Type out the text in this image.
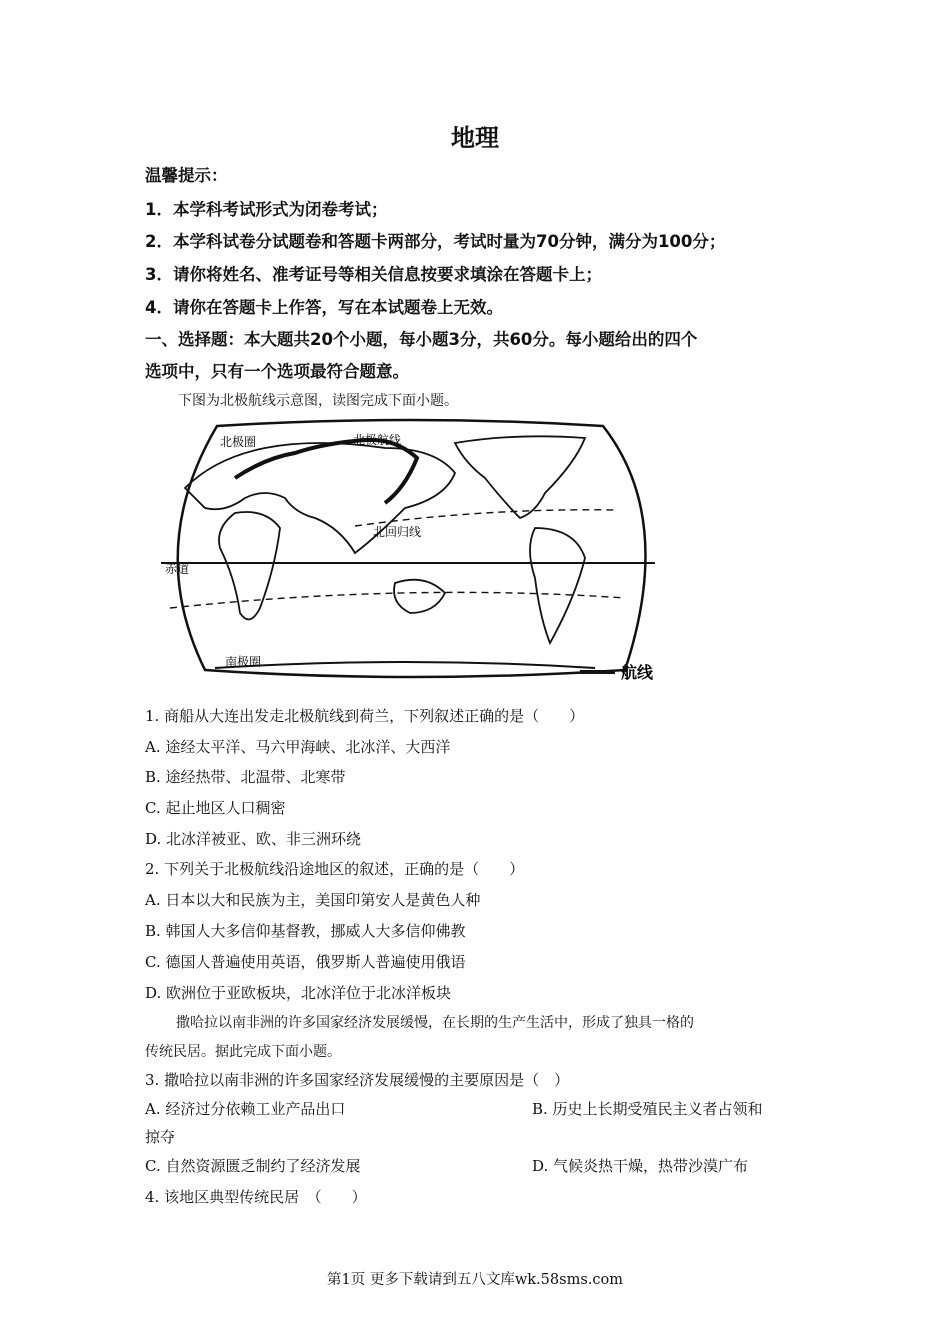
地理
温馨提示：
1．本学科考试形式为闭卷考试；
2．本学科试卷分试题卷和答题卡两部分，考试时量为70分钟，满分为100分；
3．请你将姓名、准考证号等相关信息按要求填涂在答题卡上；
4．请你在答题卡上作答，写在本试题卷上无效。
一、选择题：本大题共20个小题，每小题3分，共60分。每小题给出的四个
选项中，只有一个选项最符合题意。
下图为北极航线示意图，读图完成下面小题。
北极圈	北极航线
北回归线
赤道
南极圈
航线
1. 商船从大连出发走北极航线到荷兰，下列叙述正确的是（　　）
A. 途经太平洋、马六甲海峡、北冰洋、大西洋
B. 途经热带、北温带、北寒带
C. 起止地区人口稠密
D. 北冰洋被亚、欧、非三洲环绕
2. 下列关于北极航线沿途地区的叙述，正确的是（　　）
A. 日本以大和民族为主，美国印第安人是黄色人种
B. 韩国人大多信仰基督教，挪威人大多信仰佛教
C. 德国人普遍使用英语，俄罗斯人普遍使用俄语
D. 欧洲位于亚欧板块，北冰洋位于北冰洋板块
撒哈拉以南非洲的许多国家经济发展缓慢，在长期的生产生活中，形成了独具一格的
传统民居。据此完成下面小题。
3. 撒哈拉以南非洲的许多国家经济发展缓慢的主要原因是（　）
A. 经济过分依赖工业产品出口	B. 历史上长期受殖民主义者占领和
掠夺
C. 自然资源匮乏制约了经济发展	D. 气候炎热干燥，热带沙漠广布
4. 该地区典型传统民居　（　　）
第1页 更多下载请到五八文库wk.58sms.com
